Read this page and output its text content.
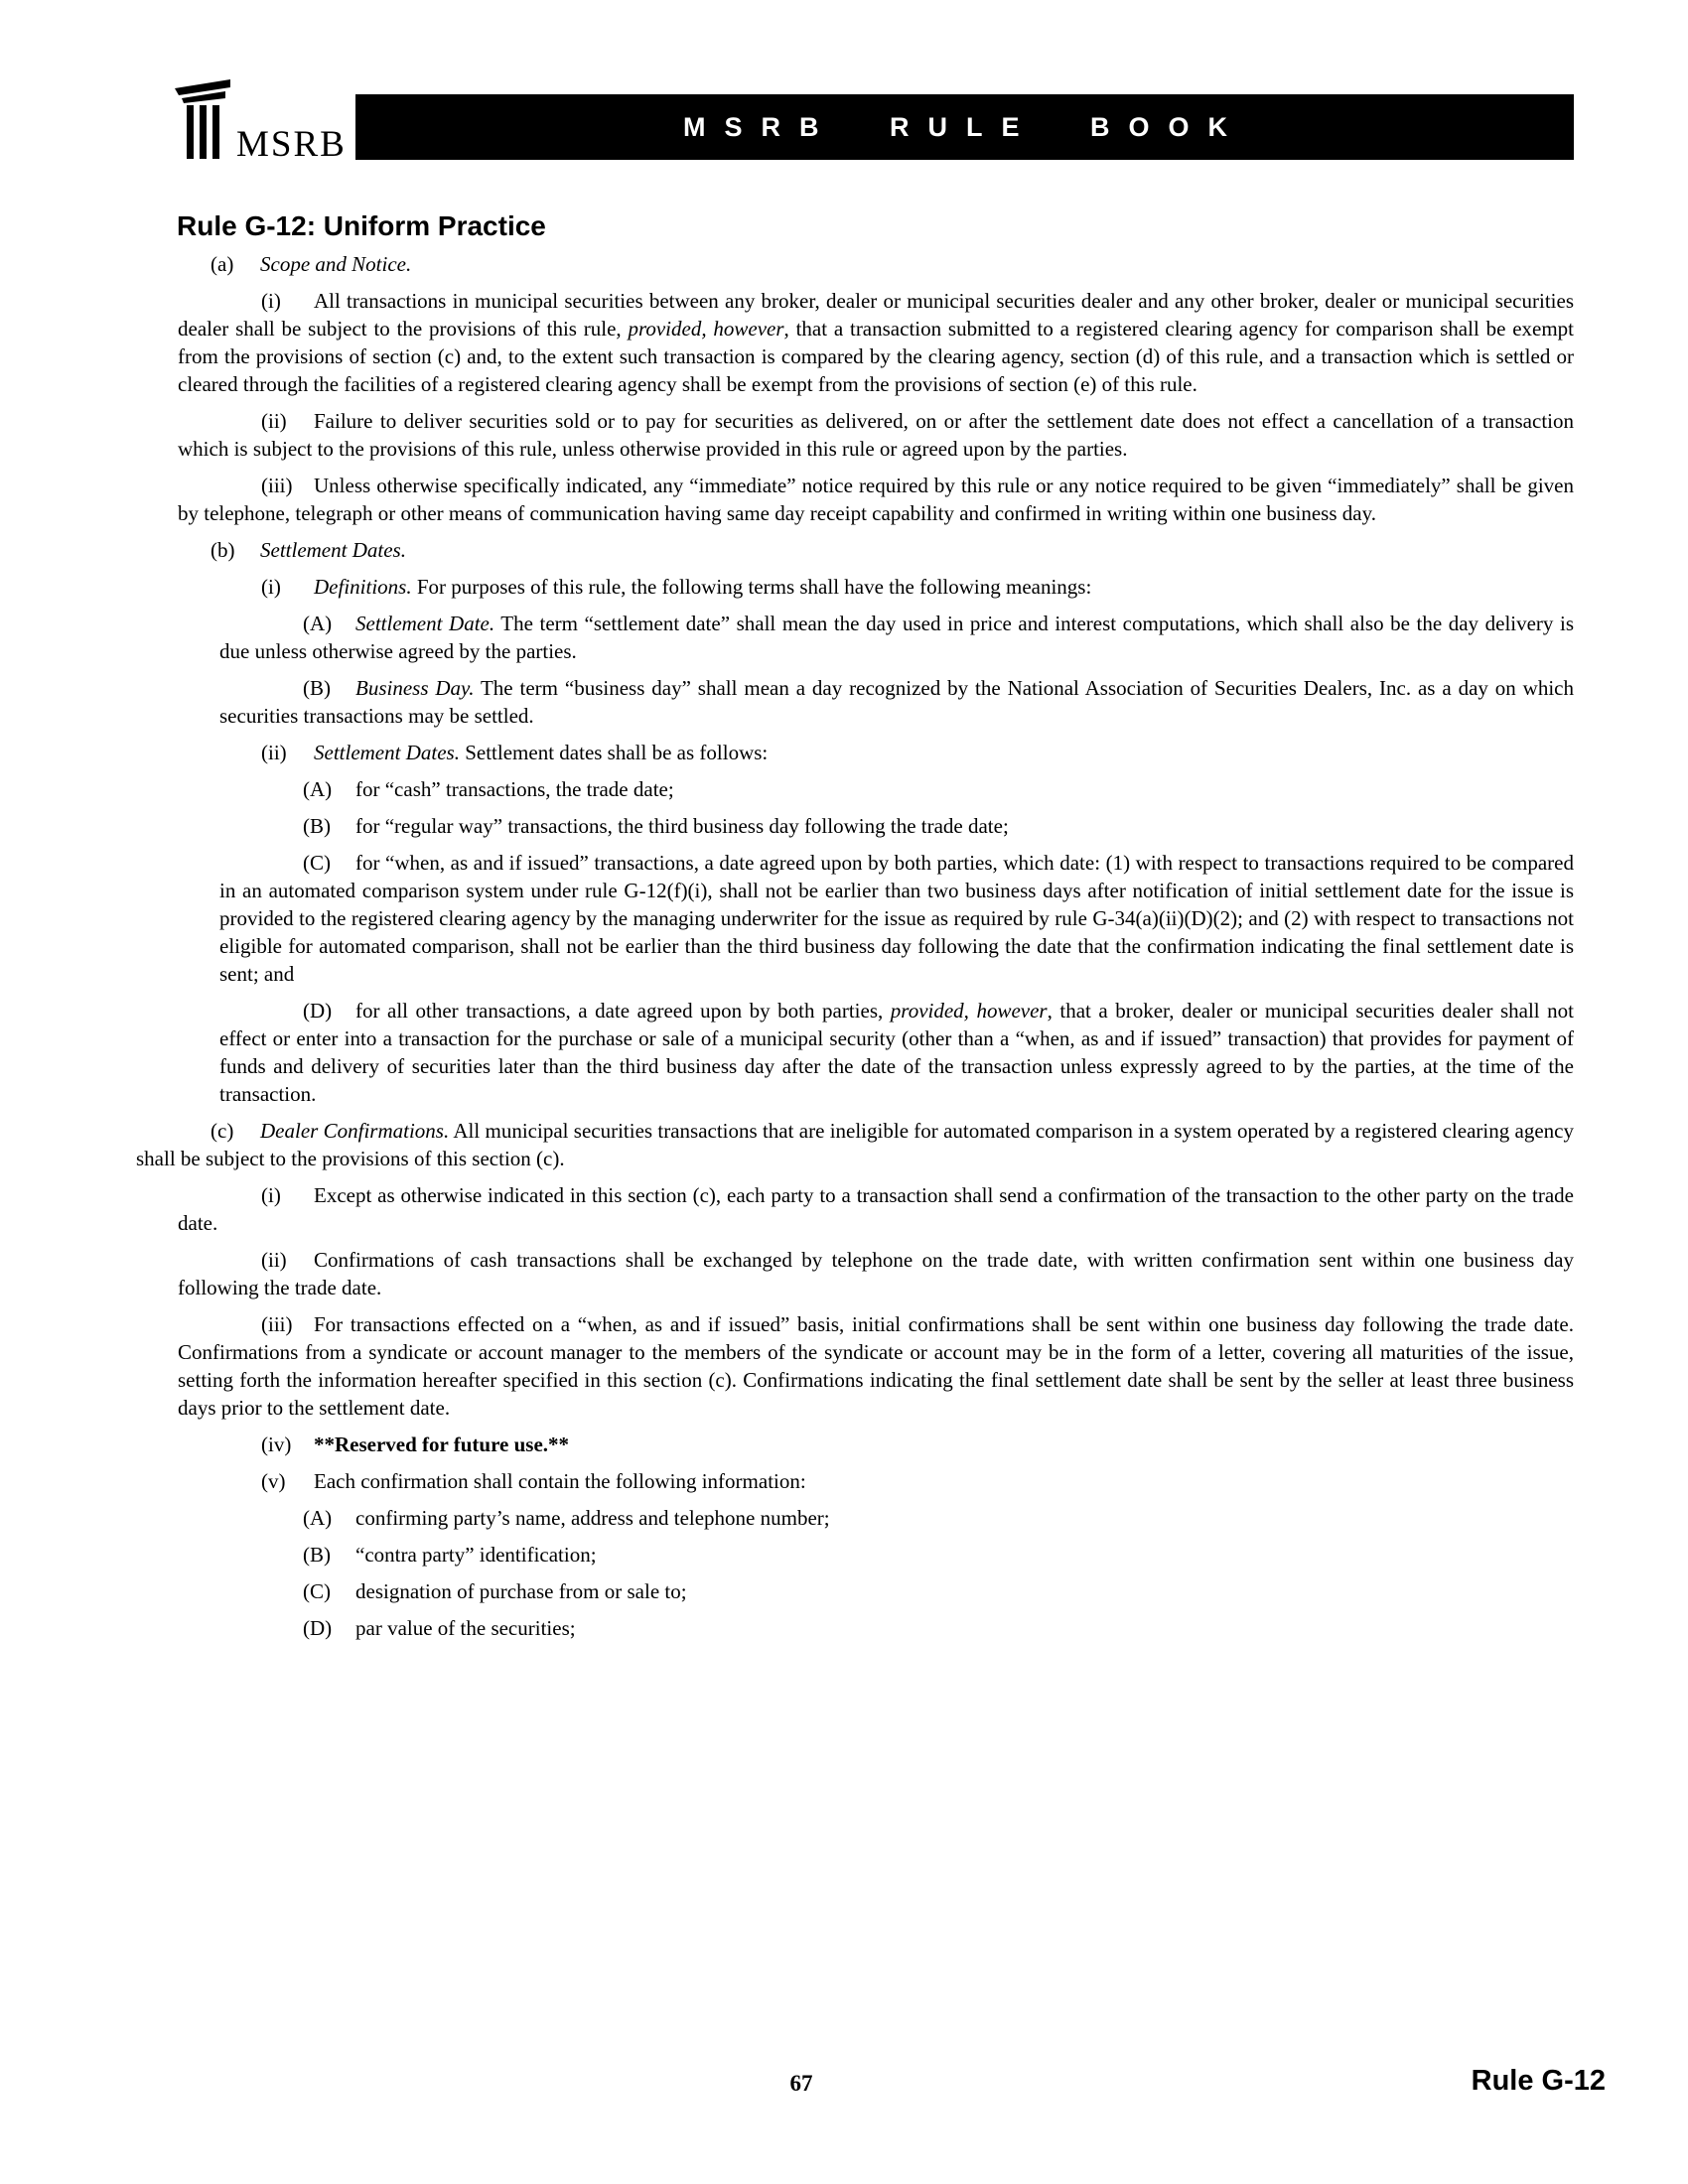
MSRB	MSRB RULE BOOK
Rule G-12: Uniform Practice

(a) Scope and Notice.

(i) All transactions in municipal securities between any broker, dealer or municipal securities dealer and any other broker, dealer or municipal securities dealer shall be subject to the provisions of this rule, provided, however, that a transaction submitted to a registered clearing agency for comparison shall be exempt from the provisions of section (c) and, to the extent such transaction is compared by the clearing agency, section (d) of this rule, and a transaction which is settled or cleared through the facilities of a registered clearing agency shall be exempt from the provisions of section (e) of this rule.

(ii) Failure to deliver securities sold or to pay for securities as delivered, on or after the settlement date does not effect a cancellation of a transaction which is subject to the provisions of this rule, unless otherwise provided in this rule or agreed upon by the parties.

(iii) Unless otherwise specifically indicated, any “immediate” notice required by this rule or any notice required to be given “immediately” shall be given by telephone, telegraph or other means of communication having same day receipt capability and confirmed in writing within one business day.

(b) Settlement Dates.

(i) Definitions. For purposes of this rule, the following terms shall have the following meanings:

(A) Settlement Date. The term “settlement date” shall mean the day used in price and interest computations, which shall also be the day delivery is due unless otherwise agreed by the parties.

(B) Business Day. The term “business day” shall mean a day recognized by the National Association of Securities Dealers, Inc. as a day on which securities transactions may be settled.

(ii) Settlement Dates. Settlement dates shall be as follows:

(A) for “cash” transactions, the trade date;

(B) for “regular way” transactions, the third business day following the trade date;

(C) for “when, as and if issued” transactions, a date agreed upon by both parties, which date: (1) with respect to transactions required to be compared in an automated comparison system under rule G-12(f)(i), shall not be earlier than two business days after notification of initial settlement date for the issue is provided to the registered clearing agency by the managing underwriter for the issue as required by rule G-34(a)(ii)(D)(2); and (2) with respect to transactions not eligible for automated comparison, shall not be earlier than the third business day following the date that the confirmation indicating the final settlement date is sent; and

(D) for all other transactions, a date agreed upon by both parties, provided, however, that a broker, dealer or municipal securities dealer shall not effect or enter into a transaction for the purchase or sale of a municipal security (other than a “when, as and if issued” transaction) that provides for payment of funds and delivery of securities later than the third business day after the date of the transaction unless expressly agreed to by the parties, at the time of the transaction.

(c) Dealer Confirmations. All municipal securities transactions that are ineligible for automated comparison in a system operated by a registered clearing agency shall be subject to the provisions of this section (c).

(i) Except as otherwise indicated in this section (c), each party to a transaction shall send a confirmation of the transaction to the other party on the trade date.

(ii) Confirmations of cash transactions shall be exchanged by telephone on the trade date, with written confirmation sent within one business day following the trade date.

(iii) For transactions effected on a “when, as and if issued” basis, initial confirmations shall be sent within one business day following the trade date. Confirmations from a syndicate or account manager to the members of the syndicate or account may be in the form of a letter, covering all maturities of the issue, setting forth the information hereafter specified in this section (c). Confirmations indicating the final settlement date shall be sent by the seller at least three business days prior to the settlement date.

(iv) **Reserved for future use.**

(v) Each confirmation shall contain the following information:

(A) confirming party’s name, address and telephone number;

(B) “contra party” identification;

(C) designation of purchase from or sale to;

(D) par value of the securities;

67	Rule G-12
